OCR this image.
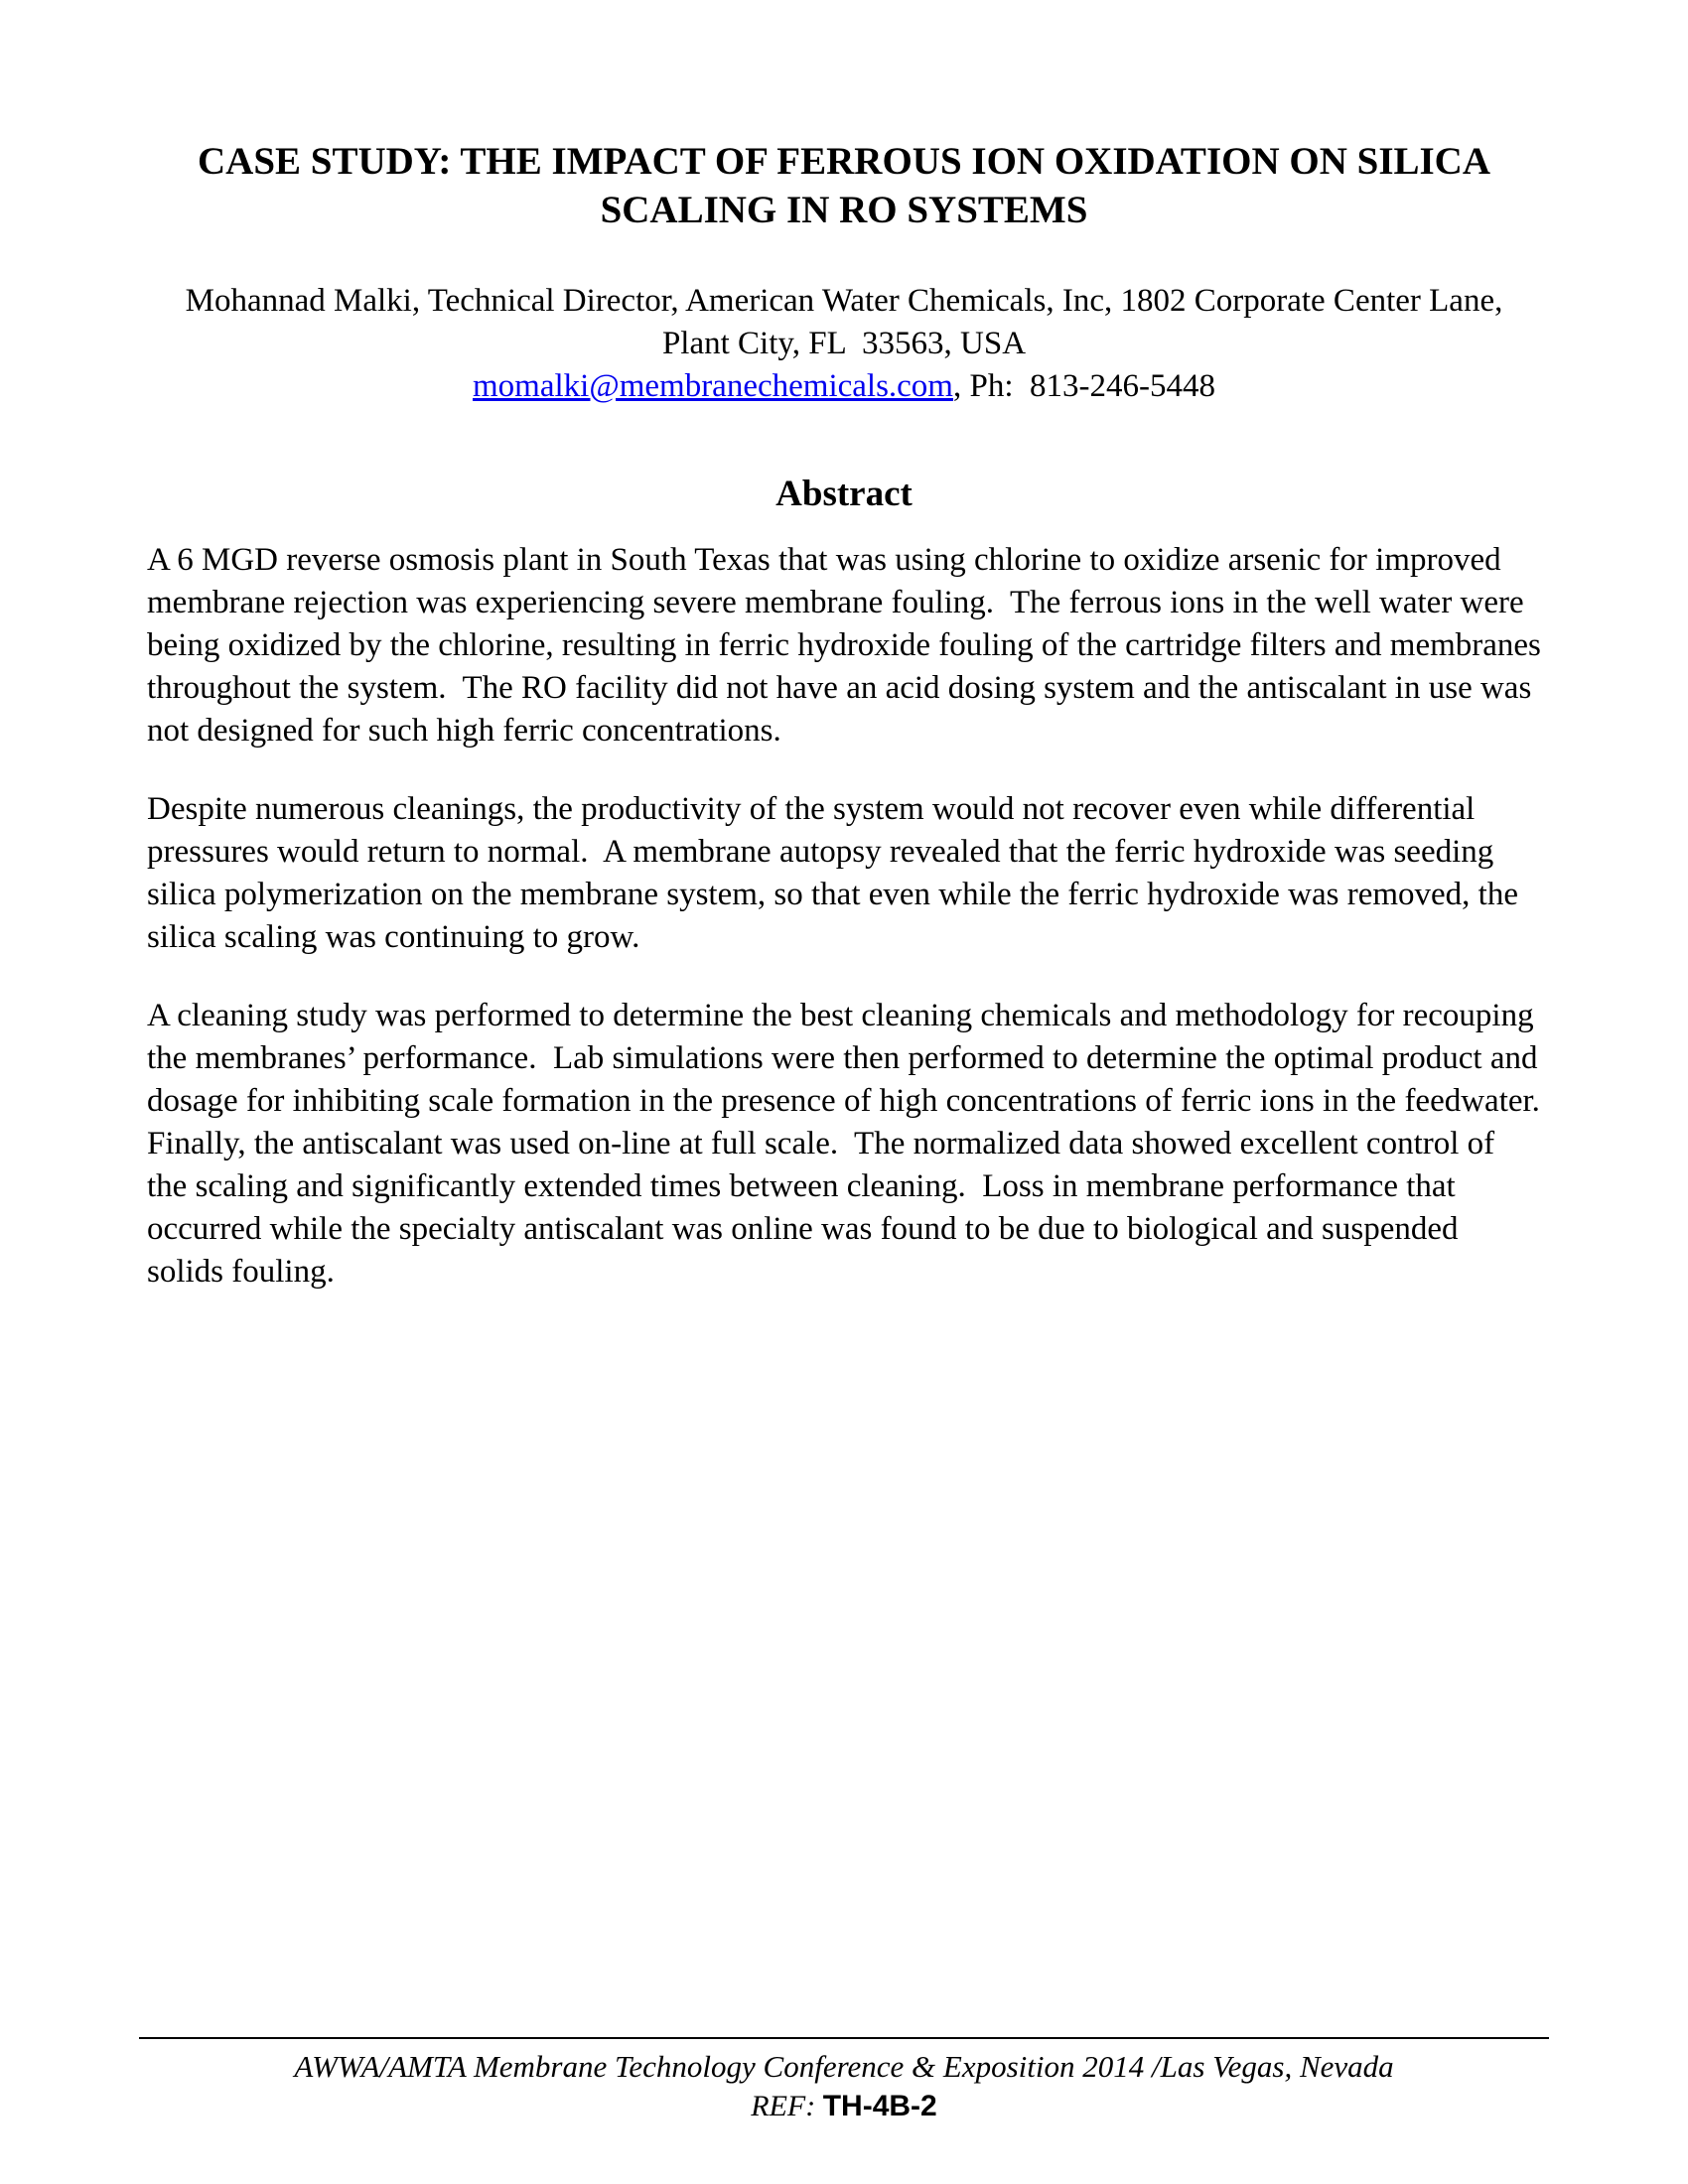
CASE STUDY: THE IMPACT OF FERROUS ION OXIDATION ON SILICA
SCALING IN RO SYSTEMS
Mohannad Malki, Technical Director, American Water Chemicals, Inc, 1802 Corporate Center Lane,
Plant City, FL  33563, USA
momalki@membranechemicals.com, Ph:  813-246-5448
Abstract

A 6 MGD reverse osmosis plant in South Texas that was using chlorine to oxidize arsenic for improved membrane rejection was experiencing severe membrane fouling.  The ferrous ions in the well water were being oxidized by the chlorine, resulting in ferric hydroxide fouling of the cartridge filters and membranes throughout the system.  The RO facility did not have an acid dosing system and the antiscalant in use was not designed for such high ferric concentrations.

Despite numerous cleanings, the productivity of the system would not recover even while differential pressures would return to normal.  A membrane autopsy revealed that the ferric hydroxide was seeding silica polymerization on the membrane system, so that even while the ferric hydroxide was removed, the silica scaling was continuing to grow.

A cleaning study was performed to determine the best cleaning chemicals and methodology for recouping the membranes’ performance.  Lab simulations were then performed to determine the optimal product and dosage for inhibiting scale formation in the presence of high concentrations of ferric ions in the feedwater. Finally, the antiscalant was used on-line at full scale.  The normalized data showed excellent control of the scaling and significantly extended times between cleaning.  Loss in membrane performance that occurred while the specialty antiscalant was online was found to be due to biological and suspended solids fouling.

AWWA/AMTA Membrane Technology Conference & Exposition 2014 /Las Vegas, Nevada
REF: TH-4B-2
